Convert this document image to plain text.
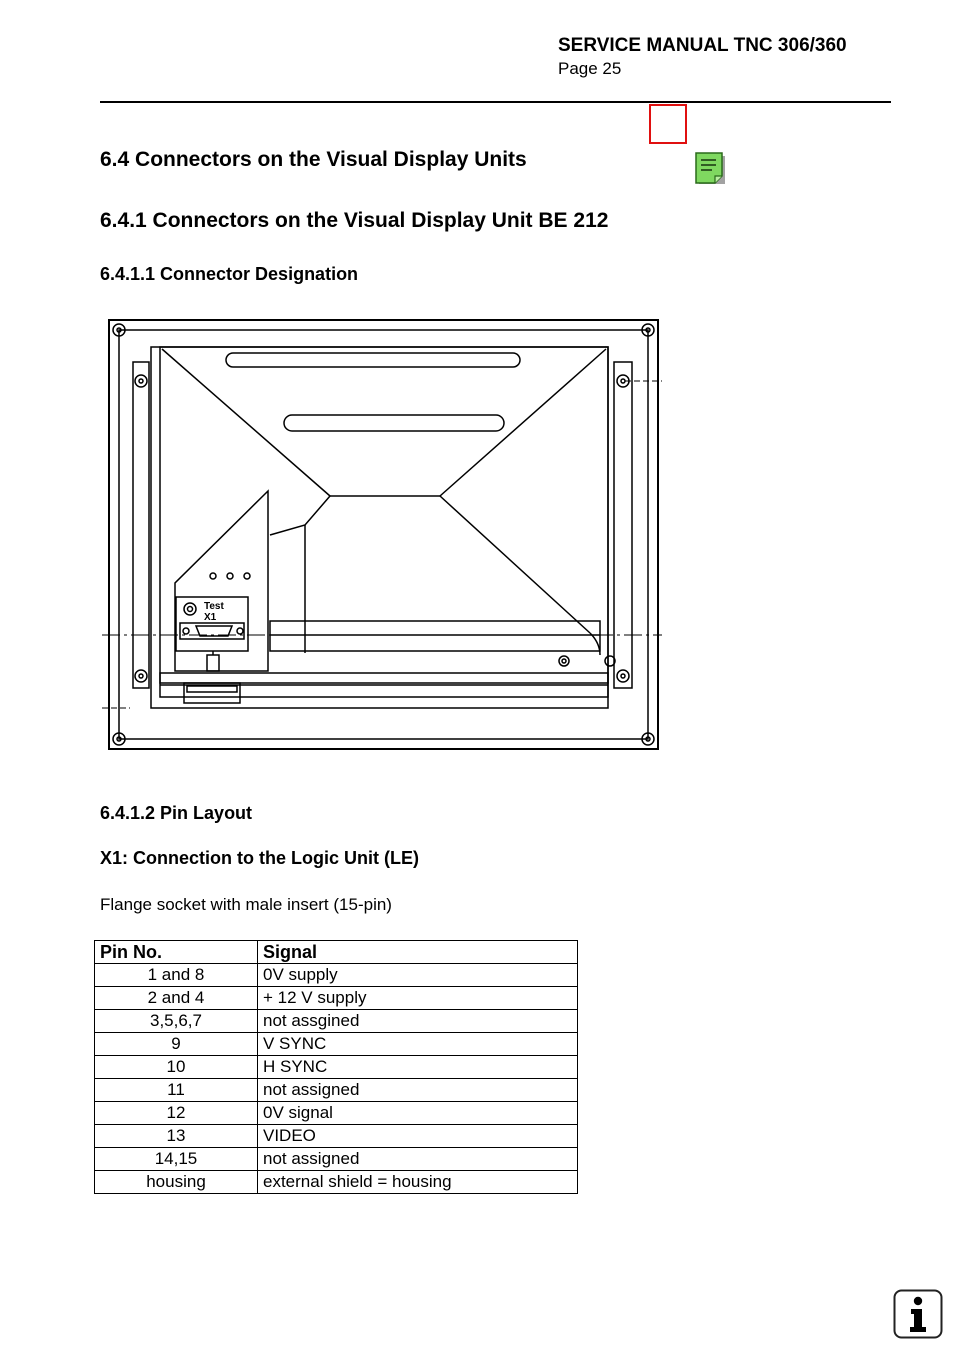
SERVICE MANUAL TNC 306/360
Page 25
6.4 Connectors on the Visual Display Units
6.4.1 Connectors on the Visual Display Unit BE 212
6.4.1.1 Connector Designation
Test
X1
6.4.1.2 Pin Layout
X1: Connection to the Logic Unit (LE)
Flange socket with male insert (15-pin)
Pin No.	Signal
1 and 8	0V supply
2 and 4	+ 12 V supply
3,5,6,7	not assgined
9	V SYNC
10	H SYNC
11	not assigned
12	0V signal
13	VIDEO
14,15	not assigned
housing	external shield = housing
